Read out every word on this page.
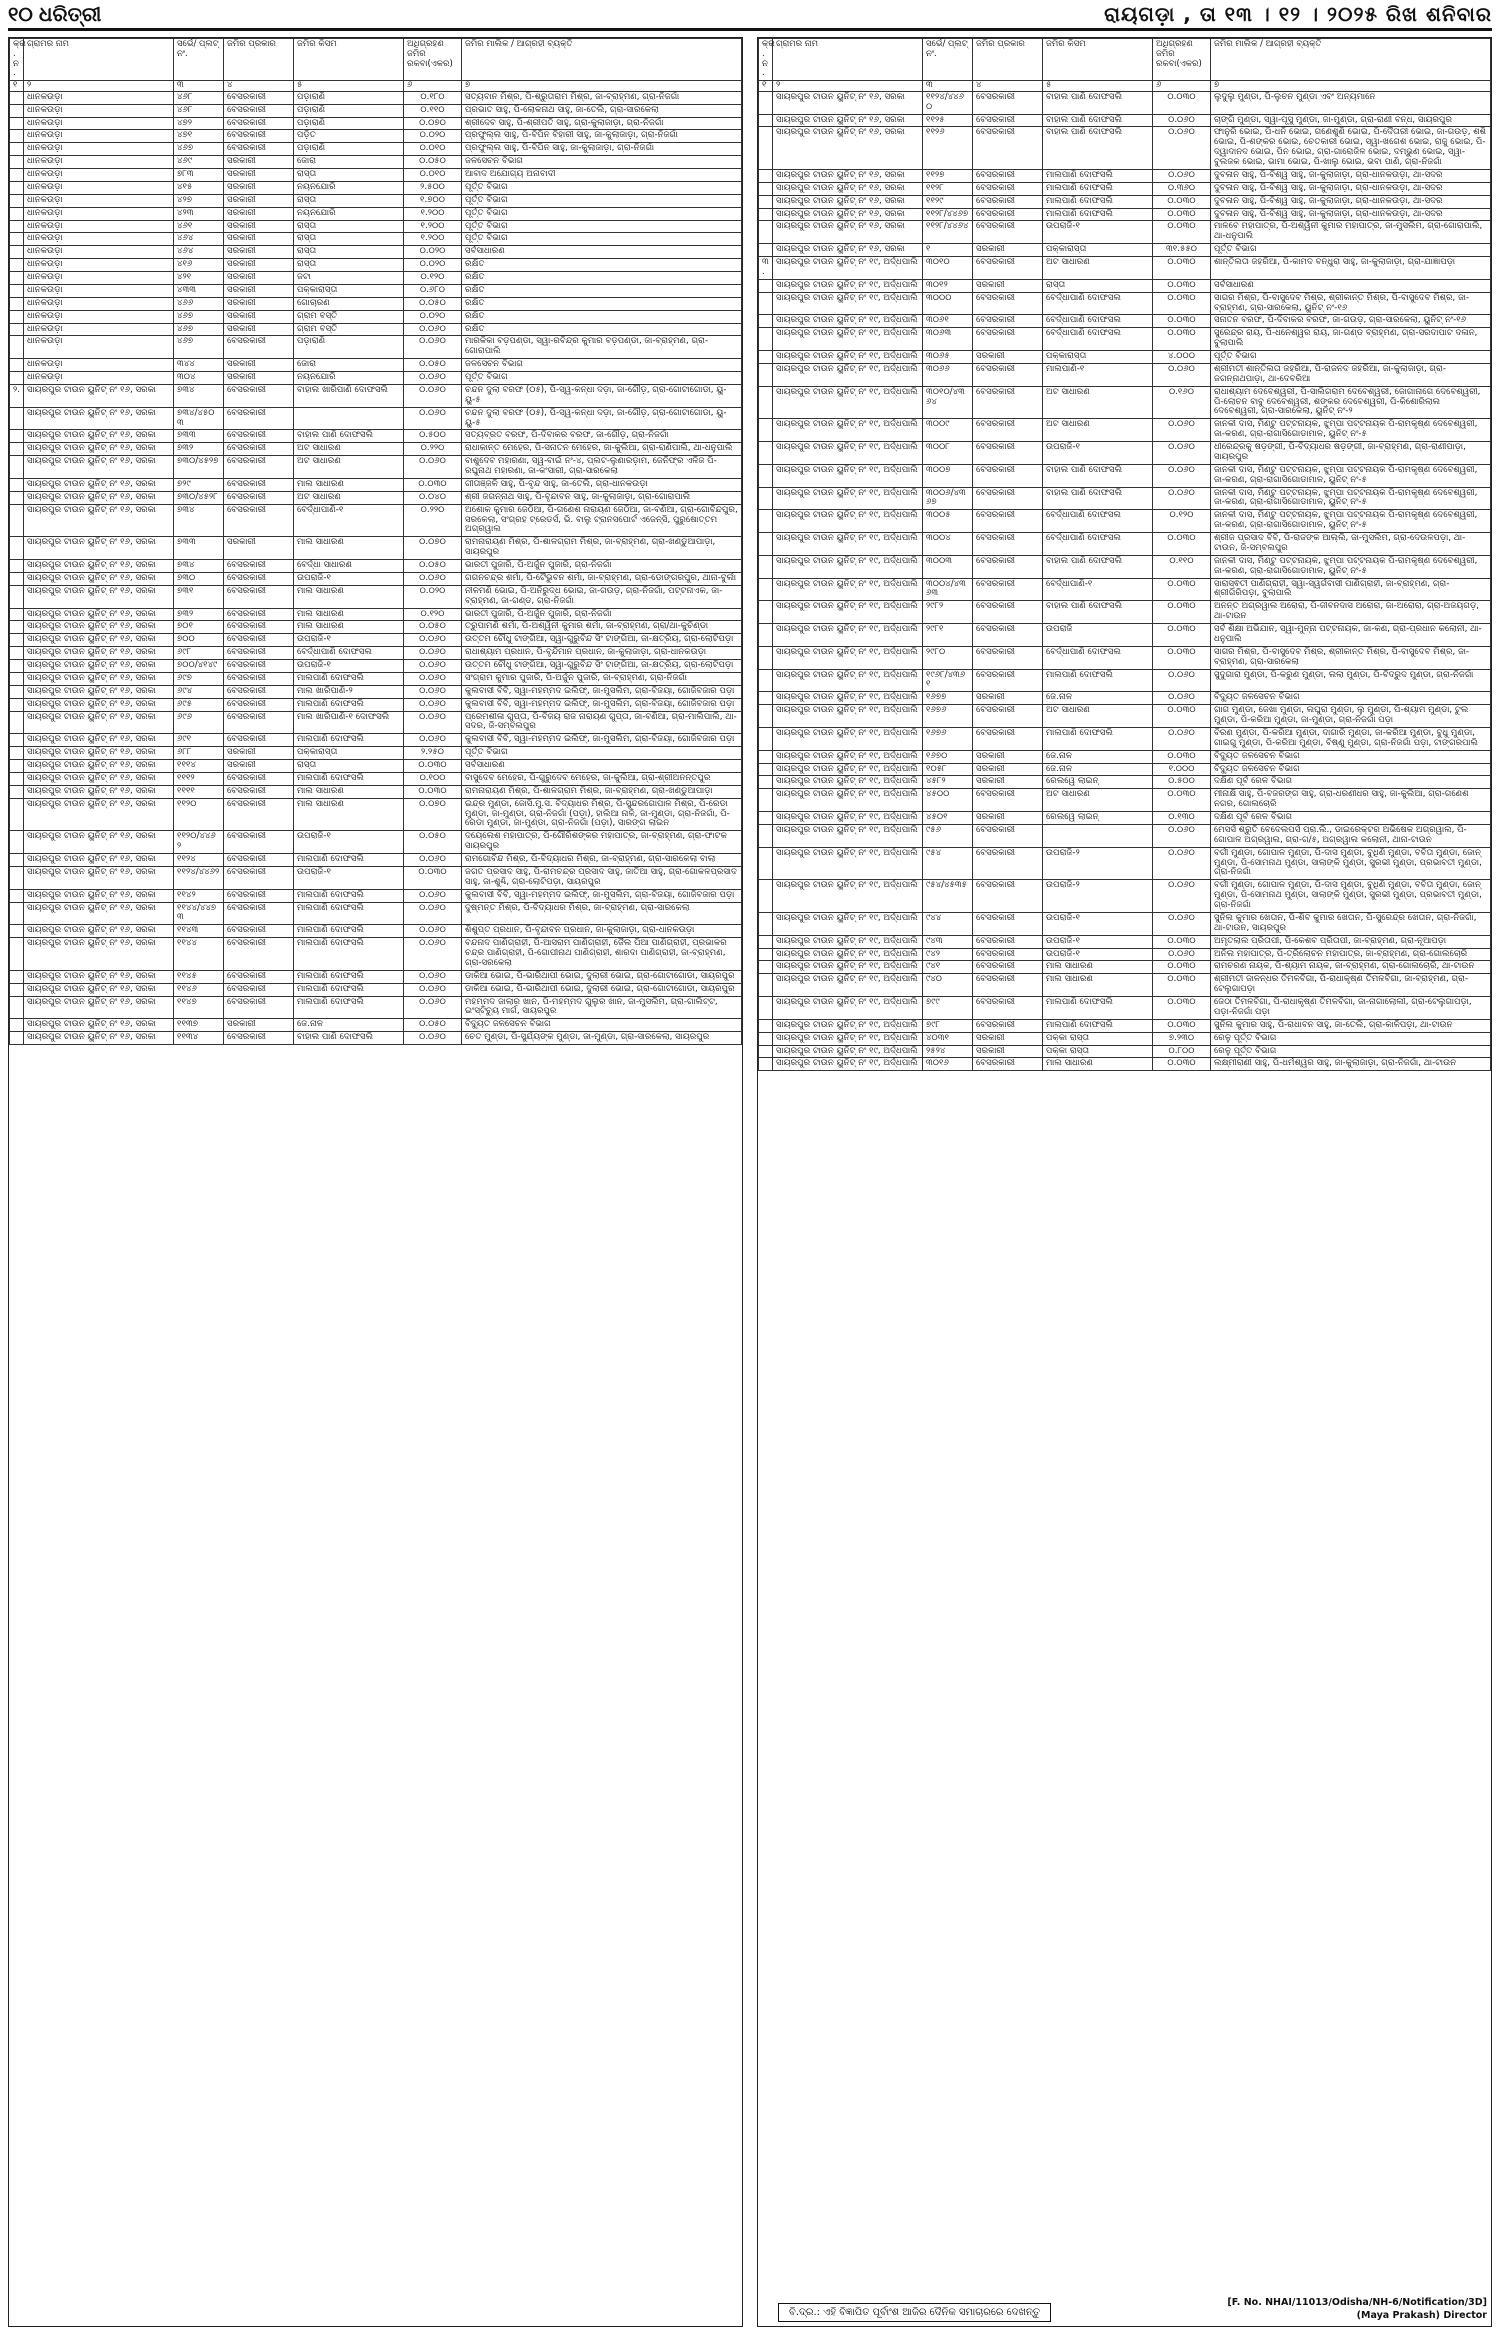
୧୦ ଧରିତ୍ରୀ	ରାୟଗଡ଼ା , ତା ୧୩ । ୧୨ । ୨୦୨୫ ରିଖ ଶନିବାର
କ୍ର. ନ.	ଗ୍ରାମର ନାମ	ସର୍ଭେ/ ପ୍ଲଟ୍ ନଂ.	ଜମିର ପ୍ରକାର	ଜମିର କିସମ	ଅଧିଗ୍ରହଣ ଜମିର ରକବା(ଏକର)	ଜମିର ମାଲିକ / ଆଗ୍ରହୀ ବ୍ୟକ୍ତି
୧	୨	୩	୪	୫	୬	୭
	ଧାନକଉଡ଼ା	୪୬୮	ବେସରକାରୀ	ପଡ଼ାରାଣି	୦.୧୮୦	ସତ୍ୟବାନ ମିଶ୍ର, ପି-ଶ୍ରୁତାରାମ ମିଶ୍ର, ଜା-ବ୍ରାହ୍ମଣ, ଗ୍ରା-ନିଜଗାଁ
	ଧାନକଉଡ଼ା	୪୬୮	ବେସରକାରୀ	ପଡ଼ାରାଣି	୦.୧୧୦	ପ୍ରଭାତ ସାହୁ, ପି-ଲୋକନାଥ ସାହୁ, ଜା-ତେଲି, ଗ୍ରା-ସାରକେଲା
	ଧାନକଉଡ଼ା	୪୭୨	ବେସରକାରୀ	ପଡ଼ାରାଣି	୦.୦୭୦	ଶ୍ରୀଦେବ ସାହୁ, ପି-ଶ୍ରୀପତି ସାହୁ, ଗ୍ରା-କୁଲାଜାଡ଼ା, ଗ୍ରା-ନିଜଗାଁ
	ଧାନକଉଡ଼ା	୪୭୧	ବେସରକାରୀ	ପଡ଼ିତ	୦.୦୨୦	ପ୍ରଫୁଲ୍ଲ ସାହୁ, ପି-ବିପିନ ବିହାରୀ ସାହୁ, ଜା-କୁଲାଜାଡ଼ା, ଗ୍ରା-ନିଜଗାଁ
	ଧାନକଉଡ଼ା	୪୬୭	ବେସରକାରୀ	ପଡ଼ାରାଣି	୦.୦୧୦	ପ୍ରଫୁଲ୍ଲ ସାହୁ, ପି-ବିପିନ ସାହୁ, ଜା-କୁଲାଜାଡ଼ା, ଗ୍ରା-ନିଜଗାଁ
	ଧାନକଉଡ଼ା	୪୬୯	ସରକାରୀ	ଜୋରା	୦.୦୫୦	ଜଳସେଚନ ବିଭାଗ
	ଧାନକଉଡ଼ା	୭୮୩	ସରକାରୀ	ରାସ୍ତା	୦.୦୧୦	ଆବାଦ ଅଯୋଗ୍ୟ ଅନାବାଦୀ
	ଧାନକଉଡ଼ା	୪୧୫	ସରକାରୀ	ନୟନଯୋରି	୨.୫୦୦	ପୂର୍ତ୍ତ ବିଭାଗ
	ଧାନକଉଡ଼ା	୪୨୭	ସରକାରୀ	ରାସ୍ତା	୧.୭୦୦	ପୂର୍ତ୍ତ ବିଭାଗ
	ଧାନକଉଡ଼ା	୪୨୩	ସରକାରୀ	ନୟନଯୋରି	୧.୨୦୦	ପୂର୍ତ୍ତ ବିଭାଗ
	ଧାନକଉଡ଼ା	୪୬୧	ସରକାରୀ	ରାସ୍ତା	୧.୨୦୦	ପୂର୍ତ୍ତ ବିଭାଗ
	ଧାନକଉଡ଼ା	୪୬୪	ସରକାରୀ	ରାସ୍ତା	୧.୨୦୦	ପୂର୍ତ୍ତ ବିଭାଗ
	ଧାନକଉଡ଼ା	୪୬୪	ସରକାରୀ	ରାସ୍ତା	୦.୦୨୦	ସର୍ବସାଧାରଣ
	ଧାନକଉଡ଼ା	୪୧୬	ସରକାରୀ	ରାସ୍ତା	୦.୦୨୦	ରକ୍ଷିତ
	ଧାନକଉଡ଼ା	୪୨୧	ସରକାରୀ	ଜଟା	୦.୧୨୦	ରକ୍ଷିତ
	ଧାନକଉଡ଼ା	୪୩୩	ସରକାରୀ	ପକ୍କାରାସ୍ତା	୦.୬୮୦	ରକ୍ଷିତ
	ଧାନକଉଡ଼ା	୪୬୬	ସରକାରୀ	ଗୋଚାରଣ	୦.୦୫୦	ରକ୍ଷିତ
	ଧାନକଉଡ଼ା	୪୬୭	ସରକାରୀ	ଗ୍ରାମ ବସ୍ତି	୦.୦୨୦	ରକ୍ଷିତ
	ଧାନକଉଡ଼ା	୪୬୭	ସରକାରୀ	ଗ୍ରାମ ବସ୍ତି	୦.୦୬୦	ରକ୍ଷିତ
	ଧାନକଉଡ଼ା	୪୬୭	ବେସରକାରୀ	ପଡ଼ାରାଣି	୦.୦୬୦	ମାରକିକା ବଡ଼ପଣ୍ଡା, ସ୍ୱା-ରବିନ୍ଦ୍ର କୁମାର ବଡ଼ପଣ୍ଡା, ଜା-ବ୍ରାହ୍ମଣ, ଗ୍ରା-ଗୋରାପାଲି
	ଧାନକଉଡ଼ା	୩୪୪	ସରକାରୀ	ଜୋରା	୦.୦୫୦	ଜଳସେଚନ ବିଭାଗ
	ଧାନକଉଡ଼ା	୩୦୪	ସରକାରୀ	ନୟନଯୋରି	୦.୦୬୦	ପୂର୍ତ୍ତ ବିଭାଗ
୨.	ସାୟରପୁର ଟାଉନ ୟୁନିଟ୍ ନଂ ୧୬, ସରକା	୭୩୪	ବେସରକାରୀ	ବାହାଲ ଖାରିପାଣି ଦୋଫସଲି	୦.୦୬୦	ଚନ୍ଦନ ଦୁଲା ବରଫ (୦୫), ପି-ସ୍ୱ-କନ୍ଧା ଦଡ଼ା, ଜା-ଗୌଡ଼, ଗ୍ରା-ଗୋଟାଗୋଡା, ୟୁ-ୟୁ-୫
	ସାୟରପୁର ଟାଉନ ୟୁନିଟ୍ ନଂ ୧୬, ସରକା	୭୩୪/୪୫୦୩	ବେସରକାରୀ		୦.୦୬୦	ଚନ୍ଦନ ଦୁଲା ବରଫ (୦୫), ପି-ସ୍ୱ-କନ୍ଧା ଦଡ଼ା, ଜା-ଗୌଡ଼, ଗ୍ରା-ଗୋଟାଗୋଡା, ୟୁ-ୟୁ-୫
	ସାୟରପୁର ଟାଉନ ୟୁନିଟ୍ ନଂ ୧୬, ସରକା	୭୩୩	ବେସରକାରୀ	ବାହାଲ ପାଣି ଦୋଫସଲି	୦.୫୦୦	ସତ୍ୟବ୍ରତ ବରଫ, ପି-ଦିବାକର ବରଫ, ଜା-ଗୌଡ଼, ଗ୍ରା-ନିଜଗାଁ
	ସାୟରପୁର ଟାଉନ ୟୁନିଟ୍ ନଂ ୧୬, ସରକା	୭୩୨	ବେସରକାରୀ	ଅଟ ସାଧାରଣ	୦.୨୨୦	ରାଧାକାନ୍ତ ମେହେର, ପି-ସନାତନ ମେହେର, ଜା-କୁଲିଆ, ଗ୍ରା-ରାଣିପାଲି, ଥା-ଧନୁପାଲି
	ସାୟରପୁର ଟାଉନ ୟୁନିଟ୍ ନଂ ୧୬, ସରକା	୭୩୦/୪୫୨୭	ବେସରକାରୀ	ଅଟ ସାଧାରଣ	୦.୦୬୦	ବାଶୁଦେବ ମହାରଣା, ସ୍ୱ-ବାଇଁ ନଂ-୪, ପ୍ଲଟ-ଲୁଣାରଡ଼ାମ, ଜେନିଫ୍ର ଏଳିଜ ପି-ରଘୁନାଥ ମହାରଣା, ଜା-କଂସାରୀ, ଗ୍ରା-ସାରକେଲା
	ସାୟରପୁର ଟାଉନ ୟୁନିଟ୍ ନଂ ୧୬, ସରକା	୭୨୯	ବେସରକାରୀ	ମାଲ ସାଧାରଣ	୦.୦୩୦	ଗୀତାଞ୍ଜଳି ସାହୁ, ପି-ବୃନ୍ଦ ସାହୁ, ଜା-ତେଲି, ଗ୍ରା-ଧାନକଉଡ଼ା
	ସାୟରପୁର ଟାଉନ ୟୁନିଟ୍ ନଂ ୧୬, ସରକା	୭୩୦/୪୫୨୮	ବେସରକାରୀ	ଅଟ ସାଧାରଣ	୦.୦୪୦	ଶ୍ରୀ ଜଗନ୍ନାଥ ସାହୁ, ପି-ବୃନ୍ଦାବନ ସାହୁ, ଜା-କୁଲାଜାଡ଼ା, ଗ୍ରା-ଗୋରାପାଲି
	ସାୟରପୁର ଟାଉନ ୟୁନିଟ୍ ନଂ ୧୬, ସରକା	୭୩୪	ବେସରକାରୀ	ବେର୍ଦ୍ଧାପାଣି-୧	୦.୨୨୦	ଅଶୋକ କୁମାର ଜେଠିଆ, ପି-ଗଣେଶ ନାରାୟଣ ଜେଠିଆ, ଜା-ବଣିଆ, ଗ୍ରା-ଗୋବିନ୍ଦପୁର, ସରକେଲା, ସଂଗ୍ରହ ଟ୍ରେଡର୍ସ, ଭି. ବାଲୁ ଟ୍ରାନସପୋର୍ଟ ଏଜେନ୍ସି, ପୁରୁଷୋତ୍ତମ ଅଗ୍ରୱାଲ
	ସାୟରପୁର ଟାଉନ ୟୁନିଟ୍ ନଂ ୧୬, ସରକା	୭୩୩	ସରକାରୀ	ମାଲ ସାଧାରଣ	୦.୦୭୦	ରାମନାରାୟଣ ମିଶ୍ର, ପି-ଶାଳଗ୍ରାମ ମିଶ୍ର, ଜା-ବ୍ରାହ୍ମଣ, ଗ୍ରା-ଖଣ୍ଡୁଆପାଡ଼ା, ସାୟରପୁର
	ସାୟରପୁର ଟାଉନ ୟୁନିଟ୍ ନଂ ୧୬, ସରକା	୭୩୪	ବେସରକାରୀ	ବେର୍ଦ୍ଧା ସାଧାରଣ	୦.୦୫୦	ଭାରତୀ ପୁଜାରି, ପି-ଅର୍ଜୁନ ପୁଜାରି, ଗ୍ରା-ନିଜଗାଁ
	ସାୟରପୁର ଟାଉନ ୟୁନିଟ୍ ନଂ ୧୬, ସରକା	୭୩୦	ବେସରକାରୀ	ଉପରାଜି-୧	୦.୦୬୦	ଗଗନଚନ୍ଦ୍ର ଶର୍ମା, ପି-ଟୈଭୁବନ ଶର୍ମା, ଜା-ବ୍ରାହ୍ମଣ, ଗ୍ରା-ଡୋଙ୍ଗରପୁର, ଥାନା-ବୁର୍ଲା
	ସାୟରପୁର ଟାଉନ ୟୁନିଟ୍ ନଂ ୧୬, ସରକା	୭୩୧	ବେସରକାରୀ	ମାଲ ସାଧାରଣ	୦.୦୨୦	ନୀଳମଣି ଭୋଇ, ପି-ଅନିରୁଦ୍ଧ ଭୋଇ, ଜା-ଗଉଡ଼, ଗ୍ରା-ନିଜଗାଁ, ପଟ୍ଟନାଏକ, ଜା-ବ୍ରାହ୍ମଣ, ଜା-ଗଣ୍ଡ, ଗ୍ରା-ନିଜଗାଁ
	ସାୟରପୁର ଟାଉନ ୟୁନିଟ୍ ନଂ ୧୬, ସରକା	୭୩୨	ବେସରକାରୀ	ମାଲ ସାଧାରଣ	୦.୧୨୦	ଭାରତୀ ପୁଜାରି, ପି-ଅର୍ଜୁନ ପୁଜାରି, ଗ୍ରା-ନିଜଗାଁ
	ସାୟରପୁର ଟାଉନ ୟୁନିଟ୍ ନଂ ୧୬, ସରକା	୭୦୧	ବେସରକାରୀ	ମାଲ ସାଧାରଣ	୦.୦୫୦	ତ୍ରୁପାମଣି ଶର୍ମା, ପି-ଅଶ୍ୱିନୀ କୁମାର ଶର୍ମା, ଜା-ବ୍ରାହ୍ମଣ, ଗ୍ରା/ଥା-କୁଚିଣ୍ଡା
	ସାୟରପୁର ଟାଉନ ୟୁନିଟ୍ ନଂ ୧୬, ସରକା	୭୦୦	ବେସରକାରୀ	ଉପରାଜି-୧	୦.୦୬୦	ଉତ୍ତମ ଚୌଧୁ ଟାଙ୍ଗିଆ, ସ୍ୱା-ଗୁରୁବିନ୍ଦ ସିଂ ଟାଙ୍ଗିଆ, ଜା-କ୍ଷତ୍ରିୟ, ଗ୍ରା-ଲୋଟିପଡ଼ା
	ସାୟରପୁର ଟାଉନ ୟୁନିଟ୍ ନଂ ୧୬, ସରକା	୬୯୮	ବେସରକାରୀ	ବେର୍ଦ୍ଧାପାଣି ଦୋଫସଲ	୦.୦୬୦	ରାଧାଶ୍ୟାମ ପ୍ରଧାନ, ପି-ବୃନ୍ଦିମାନ ପ୍ରଧାନ, ଜା-କୁଲାଜାଡ଼ା, ଗ୍ରା-ଧାନକଉଡ଼ା
	ସାୟରପୁର ଟାଉନ ୟୁନିଟ୍ ନଂ ୧୬, ସରକା	୭୦୦/୪୧୪୯	ବେସରକାରୀ	ଉପରାଜି-୧	୦.୦୬୦	ଉତ୍ତମ ଚୌଧୁ ଟାଙ୍ଗିଆ, ସ୍ୱା-ଗୁରୁବିନ୍ଦ ସିଂ ଟାଙ୍ଗିଆ, ଜା-କ୍ଷତ୍ରିୟ, ଗ୍ରା-ଲୋଟିପଡ଼ା
	ସାୟରପୁର ଟାଉନ ୟୁନିଟ୍ ନଂ ୧୬, ସରକା	୬୯୭	ବେସରକାରୀ	ମାଲପାଣି ଦୋଫସଲି	୦.୦୬୦	ସଂଗ୍ରାମ କୁମାର ପୁଜାରି, ପି-ଅର୍ଜୁନ ପୁଜାରି, ଜା-ବ୍ରାହ୍ମଣ, ଗ୍ରା-ନିଜଗାଁ
	ସାୟରପୁର ଟାଉନ ୟୁନିଟ୍ ନଂ ୧୬, ସରକା	୬୯୪	ବେସରକାରୀ	ମାଲ ଖାରିପାଣି-୨	୦.୦୬୦	କୁଲବାସୀ ବିବି, ସ୍ୱା-ମହମ୍ମଦ ଇଲିଫ୍, ଜା-ମୁସଲିମ, ଗ୍ରା-ବିଜୟା, ଗୋଜିବଜାର ପଡ଼ା
	ସାୟରପୁର ଟାଉନ ୟୁନିଟ୍ ନଂ ୧୬, ସରକା	୬୯୫	ବେସରକାରୀ	ମାଲପାଣି ଦୋଫସଲି	୦.୦୬୦	କୁଲବାସୀ ବିବି, ସ୍ୱା-ମହମ୍ମଦ ଇଲିଫ୍, ଜା-ମୁସଲିମ, ଗ୍ରା-ବିଜୟା, ଗୋଜିବଜାର ପଡ଼ା
	ସାୟରପୁର ଟାଉନ ୟୁନିଟ୍ ନଂ ୧୬, ସରକା	୬୯୬	ବେସରକାରୀ	ମାଲ ଖାରିପାଣି-୧ ଦୋଫସଲି	୦.୦୬୦	ପ୍ରେମଶୀଳା ଗୁପ୍ତା, ପି-ବିଜୟ ରାଜ ନାରାୟଣ ଗୁପ୍ତା, ଜା-ବଣିଆ, ଗ୍ରା-ମାଲିପାଲି, ଥା-ସଦର, ଜି-ସମ୍ବଲପୁର
	ସାୟରପୁର ଟାଉନ ୟୁନିଟ୍ ନଂ ୧୬, ସରକା	୬୯୧	ବେସରକାରୀ	ମାଲପାଣି ଦୋଫସଲି	୦.୦୬୦	କୁଲବାସୀ ବିବି, ସ୍ୱା-ମହମ୍ମଦ ଇଲିଫ୍, ଜା-ମୁସଲିମ, ଗ୍ରା-ବିଜୟା, ଗୋଜିବଜାର ପଡ଼ା
	ସାୟରପୁର ଟାଉନ ୟୁନିଟ୍ ନଂ ୧୬, ସରକା	୬୮୮	ସରକାରୀ	ପକ୍କାରାସ୍ତା	୨.୨୫୦	ପୂର୍ତ୍ତ ବିଭାଗ
	ସାୟରପୁର ଟାଉନ ୟୁନିଟ୍ ନଂ ୧୬, ସରକା	୧୧୧୪	ସରକାରୀ	ରାସ୍ତା	୦.୦୩୦	ସର୍ବସାଧାରଣ
	ସାୟରପୁର ଟାଉନ ୟୁନିଟ୍ ନଂ ୧୬, ସରକା	୧୧୧୨	ବେସରକାରୀ	ମାଲପାଣି ଦୋଫସଲି	୦.୧୦୦	ବାସୁଦେବ ମେହେର, ପି-ଗୁରୁଦେବ ମେହେର, ଜା-କୁଲିଆ, ଗ୍ରା-ଶ୍ରୀଅନନ୍ତପୁର
	ସାୟରପୁର ଟାଉନ ୟୁନିଟ୍ ନଂ ୧୬, ସରକା	୧୧୧୧	ବେସରକାରୀ	ମାଲ ସାଧାରଣ	୦.୦୩୦	ରାମନାରାୟଣ ମିଶ୍ର, ପି-ଶାଳଗ୍ରାମ ମିଶ୍ର, ଜା-ବ୍ରାହ୍ମଣ, ଗ୍ରା-ଖଣ୍ଡୁଆପାଡ଼ା
	ସାୟରପୁର ଟାଉନ ୟୁନିଟ୍ ନଂ ୧୬, ସରକା	୧୧୨୦	ବେସରକାରୀ	ମାଲ ସାଧାରଣ	୦.୦୭୦	ଇନ୍ଦ୍ର ମୁଣ୍ଡା, ଜୋସି.ମୁ.ସ. ବିଦ୍ୟାଧର ମିଶ୍ର, ପି-ସୁନ୍ଦରଗୋପାଳ ମିଶ୍ର, ପି-ରେଡା ମୁଣ୍ଡା, ଜା-ମୁଣ୍ଡା, ଗ୍ରା-ନିଜଗାଁ (ପଡ଼ା), ହାଲିଆ ନାଳି, ଜା-ମୁଣ୍ଡା, ଗ୍ରା-ନିଜଗାଁ, ପି-ରେଡା ମୁଣ୍ଡା, ଜା-ମୁଣ୍ଡା, ଗ୍ରା-ନିଜଗାଁ (ପଡ଼ା), ସାରଙ୍ଗ ଲାଇନ
	ସାୟରପୁର ଟାଉନ ୟୁନିଟ୍ ନଂ ୧୬, ସରକା	୧୧୨୦/୪୪୬୨	ବେସରକାରୀ	ଉପରାଜି-୧	୦.୦୫୦	ଦୟେଲେଶ ମହାପାତ୍ର, ପି-ଗୌରିଶଙ୍କର ମହାପାତ୍ର, ଜା-ବ୍ରାହ୍ମଣ, ଗ୍ରା-ଫାଟକ ସାୟରପୁର
	ସାୟରପୁର ଟାଉନ ୟୁନିଟ୍ ନଂ ୧୬, ସରକା	୧୧୨୪	ବେସରକାରୀ	ମାଲପାଣି ଦୋଫସଲି	୦.୦୬୦	ରାମଗୋବିନ୍ଦ ମିଶ୍ର, ପି-ବିଦ୍ୟାଧର ମିଶ୍ର, ଜା-ବ୍ରାହ୍ମଣ, ଗ୍ରା-ସାରକେଲା ବାଲା
	ସାୟରପୁର ଟାଉନ ୟୁନିଟ୍ ନଂ ୧୬, ସରକା	୧୧୨୪/୪୪୬୨	ବେସରକାରୀ	ଉପରାଜି-୧	୦.୦୩୦	ଜଗତ ପ୍ରସାଦ ସାହୁ, ପି-ରାମଚନ୍ଦ୍ର ପ୍ରସାଦ ସାହୁ, ଜାତିଆ ସାହୁ, ଗ୍ରା-ଗୋକଳପ୍ରସାଦ ସାହୁ, ଜା-ଶୁଣ୍ଢି, ଗ୍ରା-ଲୋଟିପଡ଼ା, ସାୟରପୁର
	ସାୟରପୁର ଟାଉନ ୟୁନିଟ୍ ନଂ ୧୬, ସରକା	୧୧୪୨	ବେସରକାରୀ	ମାଲପାଣି ଦୋଫସଲି	୦.୦୬୦	କୁଲବାସୀ ବିବି, ସ୍ୱା-ମହମ୍ମଦ ଇଲିଫ୍, ଜା-ମୁସଲିମ, ଗ୍ରା-ବିଜୟା, ଗୋଜିବଜାର ପଡ଼ା
	ସାୟରପୁର ଟାଉନ ୟୁନିଟ୍ ନଂ ୧୬, ସରକା	୧୧୪୪/୪୪୭୩	ବେସରକାରୀ	ମାଲପାଣି ଦୋଫସଲି	୦.୦୬୦	ଦୁଷ୍ମନ୍ତ ମିଶ୍ର, ପି-ବିଦ୍ୟାଧର ମିଶ୍ର, ଜା-ବ୍ରାହ୍ମଣ, ଗ୍ରା-ସାରକେଲା
	ସାୟରପୁର ଟାଉନ ୟୁନିଟ୍ ନଂ ୧୬, ସରକା	୧୧୪୩	ବେସରକାରୀ	ମାଲପାଣି ଦୋଫସଲି	୦.୦୬୦	ଶିଶୁପ୍ତ ପ୍ରଧାନ, ପି-ବୃନ୍ଦାବନ ପ୍ରଧାନ, ଜା-କୁଲାଜାଡ଼ା, ଗ୍ରା-ଧାନକଉଡ଼ା
	ସାୟରପୁର ଟାଉନ ୟୁନିଟ୍ ନଂ ୧୬, ସରକା	୧୧୪୪	ବେସରକାରୀ	ମାଲପାଣି ଦୋଫସଲି	୦.୦୬୦	ବନ୍ଦନାଦ ପାଣିଗ୍ରାହୀ, ପି-ଆସରାମ ପାଣିଗ୍ରାହୀ, ଜୈଲ ପିଆ ପାଣିଗ୍ରାହୀ, ପ୍ରଭାକର ଚନ୍ଦ୍ର ପାଣିଗ୍ରାହୀ, ପି-ଗୋପୀନାଥ ପାଣିଗ୍ରାହୀ, ଶାରଦା ପାଣିଗ୍ରାହୀ, ଜା-ବ୍ରାହ୍ମଣ, ଗ୍ରା-ସରକେଲା
	ସାୟରପୁର ଟାଉନ ୟୁନିଟ୍ ନଂ ୧୬, ସରକା	୧୧୪୫	ବେସରକାରୀ	ମାଲପାଣି ଦୋଫସଲି	୦.୦୬୦	ଡାକିଆ ଭୋଇ, ପି-ଭାରିଥାପୀ ଭୋଇ, ଦୁଲାରୀ ଭୋଇ, ଗ୍ରା-ଗୋଟାଗୋଡା, ସାୟରପୁର
	ସାୟରପୁର ଟାଉନ ୟୁନିଟ୍ ନଂ ୧୬, ସରକା	୧୧୪୬	ବେସରକାରୀ	ମାଲପାଣି ଦୋଫସଲି	୦.୦୬୦	ଡାକିଆ ଭୋଇ, ପି-ଭାରିଥାପୀ ଭୋଇ, ଦୁଲାରୀ ଭୋଇ, ଗ୍ରା-ଗୋଟାଗୋଡା, ସାୟରପୁର
	ସାୟରପୁର ଟାଉନ ୟୁନିଟ୍ ନଂ ୧୬, ସରକା	୧୧୪୭	ବେସରକାରୀ	ମାଲପାଣି ଦୋଫସଲି	୦.୦୬୦	ମହମ୍ମଦ ଜାଲାର ଖାନ, ପି-ମହମ୍ମଦ ଗୁଲୁର ଖାନ, ଜା-ମୁସଲିମ, ଗ୍ରା-ଗାଲିଟ୍ଟ, ଇଂସ୍ଟିଚ୍ୟୁ ମାର୍ଗ, ସାୟରପୁର
	ସାୟରପୁର ଟାଉନ ୟୁନିଟ୍ ନଂ ୧୬, ସରକା	୧୧୩୭	ସରକାରୀ	ଜେ.ନାଳ	୦.୦୫୦	ବିଦ୍ୟୁତ ଜଳସେଚନ ବିଭାଗ
	ସାୟରପୁର ଟାଉନ ୟୁନିଟ୍ ନଂ ୧୬, ସରକା	୧୧୩୪	ବେସରକାରୀ	ବାହାଲ ପାଣି ଦୋଫସଲି	୦.୦୬୦	ଚେତ ମୁଣ୍ଡା, ପି-ସୁର୍ଯ୍ୟଙ୍କ ମୁଣ୍ଡା, ଜା-ମୁଣ୍ଡା, ଗ୍ରା-ସାରକେଲା, ସାୟରପୁର
କ୍ର. ନ.	ଗ୍ରାମର ନାମ	ସର୍ଭେ/ ପ୍ଲଟ୍ ନଂ.	ଜମିର ପ୍ରକାର	ଜମିର କିସମ	ଅଧିଗ୍ରହଣ ଜମିର ରକବା(ଏକର)	ଜମିର ମାଲିକ / ଆଗ୍ରହୀ ବ୍ୟକ୍ତି
୧	୨	୩	୪	୫	୬	୭
	ସାୟରପୁର ଟାଉନ ୟୁନିଟ୍ ନଂ ୧୬, ସରକା	୧୧୨୪/୪୪୬୦	ବେସରକାରୀ	ବାହାଲ ପାଣି ଦୋଫସଲି	୦.୦୩୦	ଲୁଦୁଲୁ ମୁଣ୍ଡା, ପି-ଲୁଚନ ମୁଣ୍ଡା ଏବଂ ଅନ୍ୟମାନେ
	ସାୟରପୁର ଟାଉନ ୟୁନିଟ୍ ନଂ ୧୬, ସରକା	୧୧୨୫	ବେସରକାରୀ	ବାହାଲ ପାଣି ଦୋଫସଲି	୦.୦୬୦	ଚାଙ୍ଗି ମୁଣ୍ଡା, ସ୍ୱା-ପୂସୁ ମୁଣ୍ଡା, ଜା-ମୁଣ୍ଡା, ଗ୍ରା-ରାଣୀ ବନ୍ଧ, ସାୟରପୁର
	ସାୟରପୁର ଟାଉନ ୟୁନିଟ୍ ନଂ ୧୬, ସରକା	୧୧୨୬	ବେସରକାରୀ	ବାହାଲ ପାଣି ଦୋଫସଲି	୦.୦୬୦	ଫାନୁରି ଭୋଇ, ପି-ଧନି ଭୋଇ, ଗଣେଶୁଣି ଭୋଇ, ପି-ଦୈତାରୀ ଭୋଇ, ଜା-ଗଉଡ଼, ଶଶି ଭୋଇ, ପି-ଶଙ୍କର ଭୋଇ, ଚେତକାରୀ ଭୋଇ, ସ୍ୱା-ଖଗେଶ ଭୋଇ, ରାଜୁ ଭୋଇ, ପି-ଦ୍ୱାଦାନଦ ଭୋଇ, ପିନ ଭୋଇ, ଗ୍ରା-ଗାରୋଜିଳ ଭୋଇ, ଦମ୍ଭୁଣ ଭୋଇ, ସ୍ୱା-ବୁଲଜକ ଭୋଇ, ଭାମା ଭୋଇ, ପି-ଖାଲୁ ଭୋଇ, ଭବା ପାଣି, ଗ୍ରା-ନିଜଗାଁ
	ସାୟରପୁର ଟାଉନ ୟୁନିଟ୍ ନଂ ୧୬, ସରକା	୧୧୨୭	ବେସରକାରୀ	ମାଲପାଣି ଦୋଫସଲି	୦.୦୬୦	ଦୁବଳାନ ସାହୁ, ପି-ବିଶ୍ୱ ସାହୁ, ଜା-କୁଲାଜାଡ଼ା, ଗ୍ରା-ଧାନକଉଡ଼ା, ଥା-ସଦର
	ସାୟରପୁର ଟାଉନ ୟୁନିଟ୍ ନଂ ୧୬, ସରକା	୧୧୨୮	ବେସରକାରୀ	ମାଲପାଣି ଦୋଫସଲି	୦.୩୬୦	ଦୁବଳାନ ସାହୁ, ପି-ବିଶ୍ୱ ସାହୁ, ଜା-କୁଲାଜାଡ଼ା, ଗ୍ରା-ଧାନକଉଡ଼ା, ଥା-ସଦର
	ସାୟରପୁର ଟାଉନ ୟୁନିଟ୍ ନଂ ୧୬, ସରକା	୧୧୨୯	ବେସରକାରୀ	ମାଲପାଣି ଦୋଫସଲି	୦.୦୩୦	ଦୁବଳାନ ସାହୁ, ପି-ବିଶ୍ୱ ସାହୁ, ଜା-କୁଲାଜାଡ଼ା, ଗ୍ରା-ଧାନକଉଡ଼ା, ଥା-ସଦର
	ସାୟରପୁର ଟାଉନ ୟୁନିଟ୍ ନଂ ୧୬, ସରକା	୧୧୨୮/୪୪୬୭	ବେସରକାରୀ	ମାଲପାଣି ଦୋଫସଲି	୦.୦୩୦	ଦୁବଳାନ ସାହୁ, ପି-ବିଶ୍ୱ ସାହୁ, ଜା-କୁଲାଜାଡ଼ା, ଗ୍ରା-ଧାନକଉଡ଼ା, ଥା-ସଦର
	ସାୟରପୁର ଟାଉନ ୟୁନିଟ୍ ନଂ ୧୬, ସରକା	୧୧୨୮/୪୪୬୪	ବେସରକାରୀ	ଉପରାଜି-୧	୦.୦୩୦	ମାଳବେ ମହାପାତ୍ର, ପି-ଅଶ୍ୱିନୀ କୁମାର ମହାପାତ୍ର, ଜା-ମୁସଲିମ, ଗ୍ରା-ଗୋରାପାଲି, ଥା-ଧନୁପାଲି
	ସାୟରପୁର ଟାଉନ ୟୁନିଟ୍ ନଂ ୧୬, ସରକା	୧	ସରକାରୀ	ପକ୍କାରାସ୍ତା	୩୧.୫୫୦	ପୂର୍ତ୍ତ ବିଭାଗ
୩.	ସାୟରପୁର ଟାଉନ ୟୁନିଟ୍ ନଂ ୧୯, ଅର୍ଦ୍ଧପାଲି	୩୦୧୦	ବେସରକାରୀ	ଅଟ ସାଧାରଣ	୦.୦୩୦	ଶାନ୍ତିଲତା ଜହରିଆ, ପି-କାମଦ ବନ୍ଧୁରା ସାହୁ, ଜା-କୁଲାଜାଡ଼ା, ଗ୍ରା-ଯାଜ୍ଞାପଡ଼ା
	ସାୟରପୁର ଟାଉନ ୟୁନିଟ୍ ନଂ ୧୯, ଅର୍ଦ୍ଧପାଲି	୩୦୧୨	ସରକାରୀ	ରାସ୍ତା	୦.୦୩୦	ସର୍ବସାଧାରଣ
	ସାୟରପୁର ଟାଉନ ୟୁନିଟ୍ ନଂ ୧୯, ଅର୍ଦ୍ଧପାଲି	୩୦୦୦	ବେସରକାରୀ	ବେର୍ଦ୍ଧାପାଣି ଦୋଫସଲ	୦.୦୩୦	ସାଗର ମିଶ୍ର, ପି-ବାସୁଦେବ ମିଶ୍ର, ଶ୍ରୀକାନ୍ତ ମିଶ୍ର, ପି-ବାସୁଦେବ ମିଶ୍ର, ଜା-ବ୍ରାହ୍ମଣ, ଗ୍ରା-ସାରକେଲା, ୟୁନିଟ୍ ନଂ-୧୬
	ସାୟରପୁର ଟାଉନ ୟୁନିଟ୍ ନଂ ୧୯, ଅର୍ଦ୍ଧପାଲି	୩୦୬୧	ବେସରକାରୀ	ବେର୍ଦ୍ଧାପାଣି ଦୋଫସଲ	୦.୦୩୦	ସନାତନ ବରଫ, ପି-ଦିବାକର ବରଫ, ଜା-ଗଉଡ଼, ଗ୍ରା-ସାରକେଲା, ୟୁନିଟ୍ ନଂ-୧୬
	ସାୟରପୁର ଟାଉନ ୟୁନିଟ୍ ନଂ ୧୯, ଅର୍ଦ୍ଧପାଲି	୩୦୬୩	ବେସରକାରୀ	ବେର୍ଦ୍ଧାପାଣି ଦୋଫସଲ	୦.୦୩୦	ସୁରେନ୍ଦ୍ର ରାୟ, ପି-ଧନେଶ୍ୱର ରାୟ, ଜା-ଗଣ୍ଡ ବ୍ରାହ୍ମଣ, ଗ୍ରା-ସରଦାପାଟ ଦଳାନ, ବୁଲାପାଲି
	ସାୟରପୁର ଟାଉନ ୟୁନିଟ୍ ନଂ ୧୯, ଅର୍ଦ୍ଧପାଲି	୩୦୬୫	ସରକାରୀ	ପକ୍କାରାସ୍ତା	୪.୦୦୦	ପୂର୍ତ୍ତ ବିଭାଗ
	ସାୟରପୁର ଟାଉନ ୟୁନିଟ୍ ନଂ ୧୯, ଅର୍ଦ୍ଧପାଲି	୩୦୬୬	ବେସରକାରୀ	ମାଲପାଣି-୧	୦.୦୬୦	ଶ୍ରୀମତୀ ଶାନ୍ତିଲତା ଜହରିଆ, ପି-ରାଜନଦ ଜହରିଆ, ଜା-କୁଲାଜାଡ଼ା, ଗ୍ରା-ଜଗନ୍ନାଥପାଡ଼ା, ଥା-ଦେବରିଆ
	ସାୟରପୁର ଟାଉନ ୟୁନିଟ୍ ନଂ ୧୯, ଅର୍ଦ୍ଧପାଲି	୩୦୧୦/୪୩୬୪	ବେସରକାରୀ	ଅଟ ସାଧାରଣ	୦.୧୬୦	ରାଧାଶ୍ୟାମ ଦେବେଶ୍ୱରୀ, ପି-ସାଲିଗରାମ ଦେବେଶ୍ୱରୀ, ଜୋଗାନାଗେ ଦେବେଶ୍ୱରୀ, ପି-ଲୋଚନ ବାବୁ ଦେବେଶ୍ୱରୀ, ଶଙ୍କର ଦେବେଶ୍ୱରୀ, ପି-କିଶୋରିଲାଲ ଦେବେଶ୍ୱରୀ, ଗ୍ରା-ସାରକେଲା, ୟୁନିଟ୍ ନଂ-୨
	ସାୟରପୁର ଟାଉନ ୟୁନିଟ୍ ନଂ ୧୯, ଅର୍ଦ୍ଧପାଲି	୩୦୦୯	ବେସରକାରୀ	ଅଟ ସାଧାରଣ	୦.୦୬୦	ଜାନକୀ ଦାସ, ମିଣ୍ଟୁ ପଟ୍ଟନାୟକ, ଝୁମ୍ପା ପଟ୍ଟନାୟକ ପି-ରାମକୃଷ୍ଣ ଦେବେଶ୍ୱରୀ, ଜା-କରଣ, ଗ୍ରା-ରାଗାସିଗୋଡାମାଳ, ୟୁନିଟ୍ ନଂ-୫
	ସାୟରପୁର ଟାଉନ ୟୁନିଟ୍ ନଂ ୧୯, ଅର୍ଦ୍ଧପାଲି	୩୦୦୮	ବେସରକାରୀ	ଉପରାଜି-୧	୦.୦୬୦	ଧୀରେନ୍ଦ୍ରକୁ ଷଡ଼ଙ୍ଗୀ, ପି-ବିଦ୍ୟାଧର ଷଡ଼ଙ୍ଗୀ, ଜା-ବ୍ରାହ୍ମଣ, ଗ୍ରା-ରାଣୀପାଡ଼ା, ସାୟରପୁର
	ସାୟରପୁର ଟାଉନ ୟୁନିଟ୍ ନଂ ୧୯, ଅର୍ଦ୍ଧପାଲି	୩୦୦୭	ବେସରକାରୀ	ବାହାଲ ପାଣି ଦୋଫସଲି	୦.୦୬୦	ଜାନକୀ ଦାସ, ମିଣ୍ଟୁ ପଟ୍ଟନାୟକ, ଝୁମ୍ପା ପଟ୍ଟନାୟକ ପି-ରାମକୃଷ୍ଣ ଦେବେଶ୍ୱରୀ, ଜା-କରଣ, ଗ୍ରା-ରାଗାସିଗୋଡାମାଳ, ୟୁନିଟ୍ ନଂ-୫
	ସାୟରପୁର ଟାଉନ ୟୁନିଟ୍ ନଂ ୧୯, ଅର୍ଦ୍ଧପାଲି	୩୦୦୬/୪୩୬୭	ବେସରକାରୀ	ବାହାଲ ପାଣି ଦୋଫସଲି	୦.୦୬୦	ଜାନକୀ ଦାସ, ମିଣ୍ଟୁ ପଟ୍ଟନାୟକ, ଝୁମ୍ପା ପଟ୍ଟନାୟକ ପି-ରାମକୃଷ୍ଣ ଦେବେଶ୍ୱରୀ, ଜା-କରଣ, ଗ୍ରା-ରାଗାସିଗୋଡାମାଳ, ୟୁନିଟ୍ ନଂ-୫
	ସାୟରପୁର ଟାଉନ ୟୁନିଟ୍ ନଂ ୧୯, ଅର୍ଦ୍ଧପାଲି	୩୦୦୫	ବେସରକାରୀ	ବେର୍ଦ୍ଧାପାଣି ଦୋଫସଲ	୦.୧୨୦	ଜାନକୀ ଦାସ, ମିଣ୍ଟୁ ପଟ୍ଟନାୟକ, ଝୁମ୍ପା ପଟ୍ଟନାୟକ ପି-ରାମକୃଷ୍ଣ ଦେବେଶ୍ୱରୀ, ଜା-କରଣ, ଗ୍ରା-ରାଗାସିଗୋଡାମାଳ, ୟୁନିଟ୍ ନଂ-୫
	ସାୟରପୁର ଟାଉନ ୟୁନିଟ୍ ନଂ ୧୯, ଅର୍ଦ୍ଧପାଲି	୩୦୦୪	ବେସରକାରୀ	ବେର୍ଦ୍ଧାପାଣି ଦୋଫସଲ	୦.୦୩୦	ଶ୍ରୀଜ ପ୍ରସାଦ ବିବି, ପି-ରାଜଙ୍କ ଆଲ୍ଲି, ଜା-ମୁସଲିମ, ଗ୍ରା-ଦେଉଳପଡ଼ା, ଥା-ଟାଉନ, ଜି-ସମ୍ବଲପୁର
	ସାୟରପୁର ଟାଉନ ୟୁନିଟ୍ ନଂ ୧୯, ଅର୍ଦ୍ଧପାଲି	୩୦୦୩	ବେସରକାରୀ	ବାହାଲ ପାଣି ଦୋଫସଲି	୦.୧୧୦	ଜାନକୀ ଦାସ, ମିଣ୍ଟୁ ପଟ୍ଟନାୟକ, ଝୁମ୍ପା ପଟ୍ଟନାୟକ ପି-ରାମକୃଷ୍ଣ ଦେବେଶ୍ୱରୀ, ଜା-କରଣ, ଗ୍ରା-ରାଗାସିଗୋଡାମାଳ, ୟୁନିଟ୍ ନଂ-୫
	ସାୟରପୁର ଟାଉନ ୟୁନିଟ୍ ନଂ ୧୯, ଅର୍ଦ୍ଧପାଲି	୩୦୦୪/୪୩୬୩	ବେସରକାରୀ	ବେର୍ଦ୍ଧାପାଣି-୧	୦.୦୩୦	ସାରାସ୍ଵତୀ ପାଣିଗ୍ରାହୀ, ସ୍ୱା-ସ୍ୱର୍ଗବାସୀ ପାଣିଗ୍ରାହୀ, ଜା-ବ୍ରାହ୍ମଣ, ଗ୍ରା-ଶ୍ରୀଗିରିପଡ଼ା, ବୁଲାପାଲି
	ସାୟରପୁର ଟାଉନ ୟୁନିଟ୍ ନଂ ୧୯, ଅର୍ଦ୍ଧପାଲି	୨୯୮୨	ବେସରକାରୀ	ବାହାଲ ପାଣି ଦୋଫସଲି	୦.୦୩୦	ଅନନ୍ତ ଅଗ୍ରୱାଲ ଅରୋରା, ପି-ଜୀବନଦାସ ଅରୋରା, ଜା-ଅରୋରା, ଗ୍ରା-ଅଜୟଗଡ଼, ଥା-ଟାଉନ
	ସାୟରପୁର ଟାଉନ ୟୁନିଟ୍ ନଂ ୧୯, ଅର୍ଦ୍ଧପାଲି	୨୯୮୧	ବେସରକାରୀ	ଉପରାଜି	୦.୦୩୦	ସର୍ବ ଶିକ୍ଷା ଅଭିଯାନ, ସ୍ୱା-ମୁନ୍ନା ପଟ୍ଟନାୟକ, ଜା-କଣ, ଗ୍ରା-ପ୍ରଧାନ କଲୋନୀ, ଥା-ଧନୁପାଲି
	ସାୟରପୁର ଟାଉନ ୟୁନିଟ୍ ନଂ ୧୯, ଅର୍ଦ୍ଧପାଲି	୨୯୮୦	ବେସରକାରୀ	ବେର୍ଦ୍ଧାପାଣି ଦୋଫସଲ	୦.୦୩୦	ସାଗର ମିଶ୍ର, ପି-ବାସୁଦେବ ମିଶ୍ର, ଶ୍ରୀକାନ୍ତ ମିଶ୍ର, ପି-ବାସୁଦେବ ମିଶ୍ର, ଜା-ବ୍ରାହ୍ମଣ, ଗ୍ରା-ସାରକେଲା
	ସାୟରପୁର ଟାଉନ ୟୁନିଟ୍ ନଂ ୧୯, ଅର୍ଦ୍ଧପାଲି	୧୯୬୮/୪୩୬୧	ବେସରକାରୀ	ମାଲପାଣି ଦୋଫସଲି	୦.୦୬୦	ସୁଦୁଗାରା ମୁଣ୍ଡା, ପି-କରୁଣ ମୁଣ୍ଡା, ଲଲା ମୁଣ୍ଡା, ପି-ବିଦ୍ରୁଦ ମୁଣ୍ଡା, ଗ୍ରା-ନିଜଗାଁ
	ସାୟରପୁର ଟାଉନ ୟୁନିଟ୍ ନଂ ୧୯, ଅର୍ଦ୍ଧପାଲି	୧୬୭୭	ସରକାରୀ	ଜେ.ନାଳ	୦.୦୬୦	ବିଦ୍ୟୁତ ଜଳସେଚନ ବିଭାଗ
	ସାୟରପୁର ଟାଉନ ୟୁନିଟ୍ ନଂ ୧୯, ଅର୍ଦ୍ଧପାଲି	୧୬୭୬	ବେସରକାରୀ	ଅଟ ସାଧାରଣ	୦.୦୩୦	ଗାଗ ମୁଣ୍ଡା, ଜେଖା ମୁଣ୍ଡା, ଲଘୁରା ମୁଣ୍ଡା, ଲୁ ମୁଣ୍ଡା, ପି-ଶ୍ୟାମ ମୁଣ୍ଡା, ଟୁଲ ମୁଣ୍ଡା, ପି-କରିଆ ମୁଣ୍ଡା, ଜା-ମୁଣ୍ଡା, ଗ୍ରା-ନିଜଗାଁ ପଡ଼ା
	ସାୟରପୁର ଟାଉନ ୟୁନିଟ୍ ନଂ ୧୯, ଅର୍ଦ୍ଧପାଲି	୧୬୭୬	ବେସରକାରୀ	ମାଲପାଣି ଦୋଫସଲି	୦.୦୬୦	ବିରଣ ମୁଣ୍ଡା, ପି-କରିଆ ମୁଣ୍ଡା, ଦାଗାରି ମୁଣ୍ଡା, ଜା-କରିଆ ମୁଣ୍ଡା, ବୁଧୁ ମୁଣ୍ଡା, ଗାଇଗୁ ମୁଣ୍ଡା, ପି-କରିଆ ମୁଣ୍ଡା, ବିଷ୍ଣୁ ମୁଣ୍ଡା, ଗ୍ରା-ନିଜଗାଁ ପଡ଼ା, ଟାଙ୍ଗରପାଲି
	ସାୟରପୁର ଟାଉନ ୟୁନିଟ୍ ନଂ ୧୯, ଅର୍ଦ୍ଧପାଲି	୧୬୭୦	ସରକାରୀ	ଜେ.ନାଳ	୦.୦୩୦	ବିଦ୍ୟୁତ ଜଳସେଚନ ବିଭାଗ
	ସାୟରପୁର ଟାଉନ ୟୁନିଟ୍ ନଂ ୧୯, ଅର୍ଦ୍ଧପାଲି	୧୦୫୮	ସରକାରୀ	ଜେ.ନାଳ	୧.୦୦୦	ବିଦ୍ୟୁତ ଜଳସେଚନ ବିଭାଗ
	ସାୟରପୁର ଟାଉନ ୟୁନିଟ୍ ନଂ ୧୯, ଅର୍ଦ୍ଧପାଲି	୪୫୮୨	ସରକାରୀ	ରେଲୱେ ଲାଇନ୍	୦.୫୦୦	ଦକ୍ଷିଣ ପୂର୍ବ ରେଳ ବିଭାଗ
	ସାୟରପୁର ଟାଉନ ୟୁନିଟ୍ ନଂ ୧୯, ଅର୍ଦ୍ଧପାଲି	୪୫୦୦	ବେସରକାରୀ	ଅଟ ସାଧାରଣ	୦.୦୩୦	ମୀନାକ୍ଷି ସାହୁ, ପି-ବଜରଙ୍ଗ ସାହୁ, ଗ୍ରା-ଧରଣୀଧର ସାହୁ, ଜା-କୁଲିଆ, ଗ୍ରା-ଗଣେଶ ନଗର, ଗୋଲଚୋରି
	ସାୟରପୁର ଟାଉନ ୟୁନିଟ୍ ନଂ ୧୯, ଅର୍ଦ୍ଧପାଲି	୪୫୦୧	ସରକାରୀ	ରେଲୱେ ଲାଇନ୍	୦.୧୩୦	ଦକ୍ଷିଣ ପୂର୍ବ ରେଳ ବିଭାଗ
	ସାୟରପୁର ଟାଉନ ୟୁନିଟ୍ ନଂ ୧୯, ଅର୍ଦ୍ଧପାଲି	୯୫୬	ବେସରକାରୀ		୦.୦୬୦	ମେସର୍ସ ଶ୍ରୁତି ବେଦେଲପର୍ସ ପ୍ରା.ଲି., ଡାଇରେକ୍ଟର ଅଭିଷେକ ଅଗ୍ରୱାଲ, ପି-ଗୋପାଳ ଅଗ୍ରୱାଲ, ଗ୍ରା-ଗ/୫, ଅଗ୍ରୱାଲ କଲୋନୀ, ଥାନା-ଟାଉନ
	ସାୟରପୁର ଟାଉନ ୟୁନିଟ୍ ନଂ ୧୯, ଅର୍ଦ୍ଧପାଲି	୯୫୪	ବେସରକାରୀ	ଉପରାଜି-୨	୦.୦୬୦	ବର୍ଗୀ ମୁଣ୍ଡା, ଗୋପାଳ ମୁଣ୍ଡା, ପି-ଦାସ ମୁଣ୍ଡା, ବୁଧିଣି ମୁଣ୍ଡା, ବବିତା ମୁଣ୍ଡା, ଜୋନ୍ ମୁଣ୍ଡା, ପି-ସୋମନାଥ ମୁଣ୍ଡା, ସାଲାଙ୍କି ମୁଣ୍ଡା, ସୁରଭୀ ମୁଣ୍ଡା, ପ୍ରଭାବତୀ ମୁଣ୍ଡା, ଗ୍ରା-ନିଜଗାଁ
	ସାୟରପୁର ଟାଉନ ୟୁନିଟ୍ ନଂ ୧୯, ଅର୍ଦ୍ଧପାଲି	୯୫୪/୪୫୩୫	ବେସରକାରୀ	ଉପରାଜି-୨	୦.୦୬୦	ବର୍ଗୀ ମୁଣ୍ଡା, ଗୋପାଳ ମୁଣ୍ଡା, ପି-ଦାସ ମୁଣ୍ଡା, ବୁଧିଣି ମୁଣ୍ଡା, ବବିତା ମୁଣ୍ଡା, ଜୋନ୍ ମୁଣ୍ଡା, ପି-ସୋମନାଥ ମୁଣ୍ଡା, ସାଲାଙ୍କି ମୁଣ୍ଡା, ସୁରଭୀ ମୁଣ୍ଡା, ପ୍ରଭାବତୀ ମୁଣ୍ଡା, ଗ୍ରା-ନିଜଗାଁ
	ସାୟରପୁର ଟାଉନ ୟୁନିଟ୍ ନଂ ୧୯, ଅର୍ଦ୍ଧପାଲି	୯୪୪	ବେସରକାରୀ	ଉପରାଜି-୧	୦.୦୬୦	ସୁନିଲ କୁମାର ଖେତାନ, ପି-ଶିବ କୁମାର ଖେତାନ, ପି-ସୁରେନ୍ଦ୍ର ଖେତାନ, ଗ୍ରା-ନିଜଗାଁ, ଥା-ଟାଉନ, ସାୟରପୁର
	ସାୟରପୁର ଟାଉନ ୟୁନିଟ୍ ନଂ ୧୯, ଅର୍ଦ୍ଧପାଲି	୯୪୩	ବେସରକାରୀ	ଉପରାଜି-୧	୦.୦୩୦	ଅମୃତଲାଲ ପ୍ରିତାପୀ, ପି-କେଶବ ପ୍ରିତାପୀ, ଜା-ବ୍ରାହ୍ମଣ, ଗ୍ରା-ନୂଆପଡ଼ା
	ସାୟରପୁର ଟାଉନ ୟୁନିଟ୍ ନଂ ୧୯, ଅର୍ଦ୍ଧପାଲି	୯୪୨	ବେସରକାରୀ	ଉପରାଜି-୧	୦.୦୬୦	ଅନିଲ ମହାପାତ୍ର, ପି-ତ୍ରିଲୋଚନ ମହାପାତ୍ର, ଜା-ବ୍ରାହ୍ମଣ, ଗ୍ରା-ଗୋଲଚୋରି
	ସାୟରପୁର ଟାଉନ ୟୁନିଟ୍ ନଂ ୧୯, ଅର୍ଦ୍ଧପାଲି	୯୪୧	ବେସରକାରୀ	ମାଲ ସାଧାରଣ	୦.୦୩୦	ରାମଚରଣ ନାୟକ, ପି-ଶ୍ୟାମ ନାୟକ, ଜା-ବ୍ରାହ୍ମଣ, ଗ୍ରା-ଗୋଲଚୋରି, ଥା-ଟାଉନ
	ସାୟରପୁର ଟାଉନ ୟୁନିଟ୍ ନଂ ୧୯, ଅର୍ଦ୍ଧପାଲି	୯୪୦	ବେସରକାରୀ	ମାଲ ସାଧାରଣ	୦.୦୩୦	ଶ୍ରୀମତୀ ଜାଳନ୍ଧର ତିମଳବିଗା, ପି-ରାଧାକୃଷ୍ଣ ତିମଳବିଗା, ଜା-ବ୍ରାହ୍ମଣ, ଗ୍ରା-ଟେଲୁଗାପଡ଼ା
	ସାୟରପୁର ଟାଉନ ୟୁନିଟ୍ ନଂ ୧୯, ଅର୍ଦ୍ଧପାଲି	୭୯୯	ବେସରକାରୀ	ମାଲପାଣି ଦୋଫସଲି	୦.୦୩୦	ଜେଠା ତିମଳବିଗା, ପି-ରାଧାକୃଷ୍ଣ ତିମଳବିଗା, ଜା-ନାଗାଲୋଲୀ, ଗ୍ରା-ଟେଲୁଗାପଡ଼ା, ପଡ଼ା-ନିଜଗାଁ ପଡ଼ା
	ସାୟରପୁର ଟାଉନ ୟୁନିଟ୍ ନଂ ୧୯, ଅର୍ଦ୍ଧପାଲି	୭୯୮	ବେସରକାରୀ	ମାଲପାଣି ଦୋଫସଲି	୦.୦୩୦	ସୁନିଲ କୁମାର ସାହୁ, ପି-ରାଧାବନ ସାହୁ, ଜା-ତେଲି, ଗ୍ରା-କାଳିପଡ଼ା, ଥା-ଟାଉନ
	ସାୟରପୁର ଟାଉନ ୟୁନିଟ୍ ନଂ ୧୯, ଅର୍ଦ୍ଧପାଲି	୪୦୩୧	ସରକାରୀ	ପକ୍କା ରାସ୍ତା	୭.୨୩୦	ରେଳୁ ପୂର୍ତ୍ତ ବିଭାଗ
	ସାୟରପୁର ଟାଉନ ୟୁନିଟ୍ ନଂ ୧୯, ଅର୍ଦ୍ଧପାଲି	୨୫୨୪	ସରକାରୀ	ପକ୍କା ରାସ୍ତା	୦.୮୦୦	ରେଳୁ ପୂର୍ତ୍ତ ବିଭାଗ
	ସାୟରପୁର ଟାଉନ ୟୁନିଟ୍ ନଂ ୧୯, ଅର୍ଦ୍ଧପାଲି	୩୦୧୬	ବେସରକାରୀ	ମାଲ ସାଧାରଣ	୦.୦୩୦	ଲକ୍ଷ୍ମୀରାଣୀ ସାହୁ, ପି-ଧର୍ମଶ୍ୱର ସାହୁ, ଜା-କୁଲାଜାଡ଼ା, ଗ୍ରା-ନିଜଗାଁ, ଥା-ଟାଉନ
ବି.ଦ୍ର.: ଏହି ବିଜ୍ଞାପିତ ପୂର୍ବାଂଶ ଆଜିର ଦୈନିକ ସମାଚାରରେ ଦେଖନ୍ତୁ
[F. No. NHAI/11013/Odisha/NH-6/Notification/3D]
(Maya Prakash) Director
